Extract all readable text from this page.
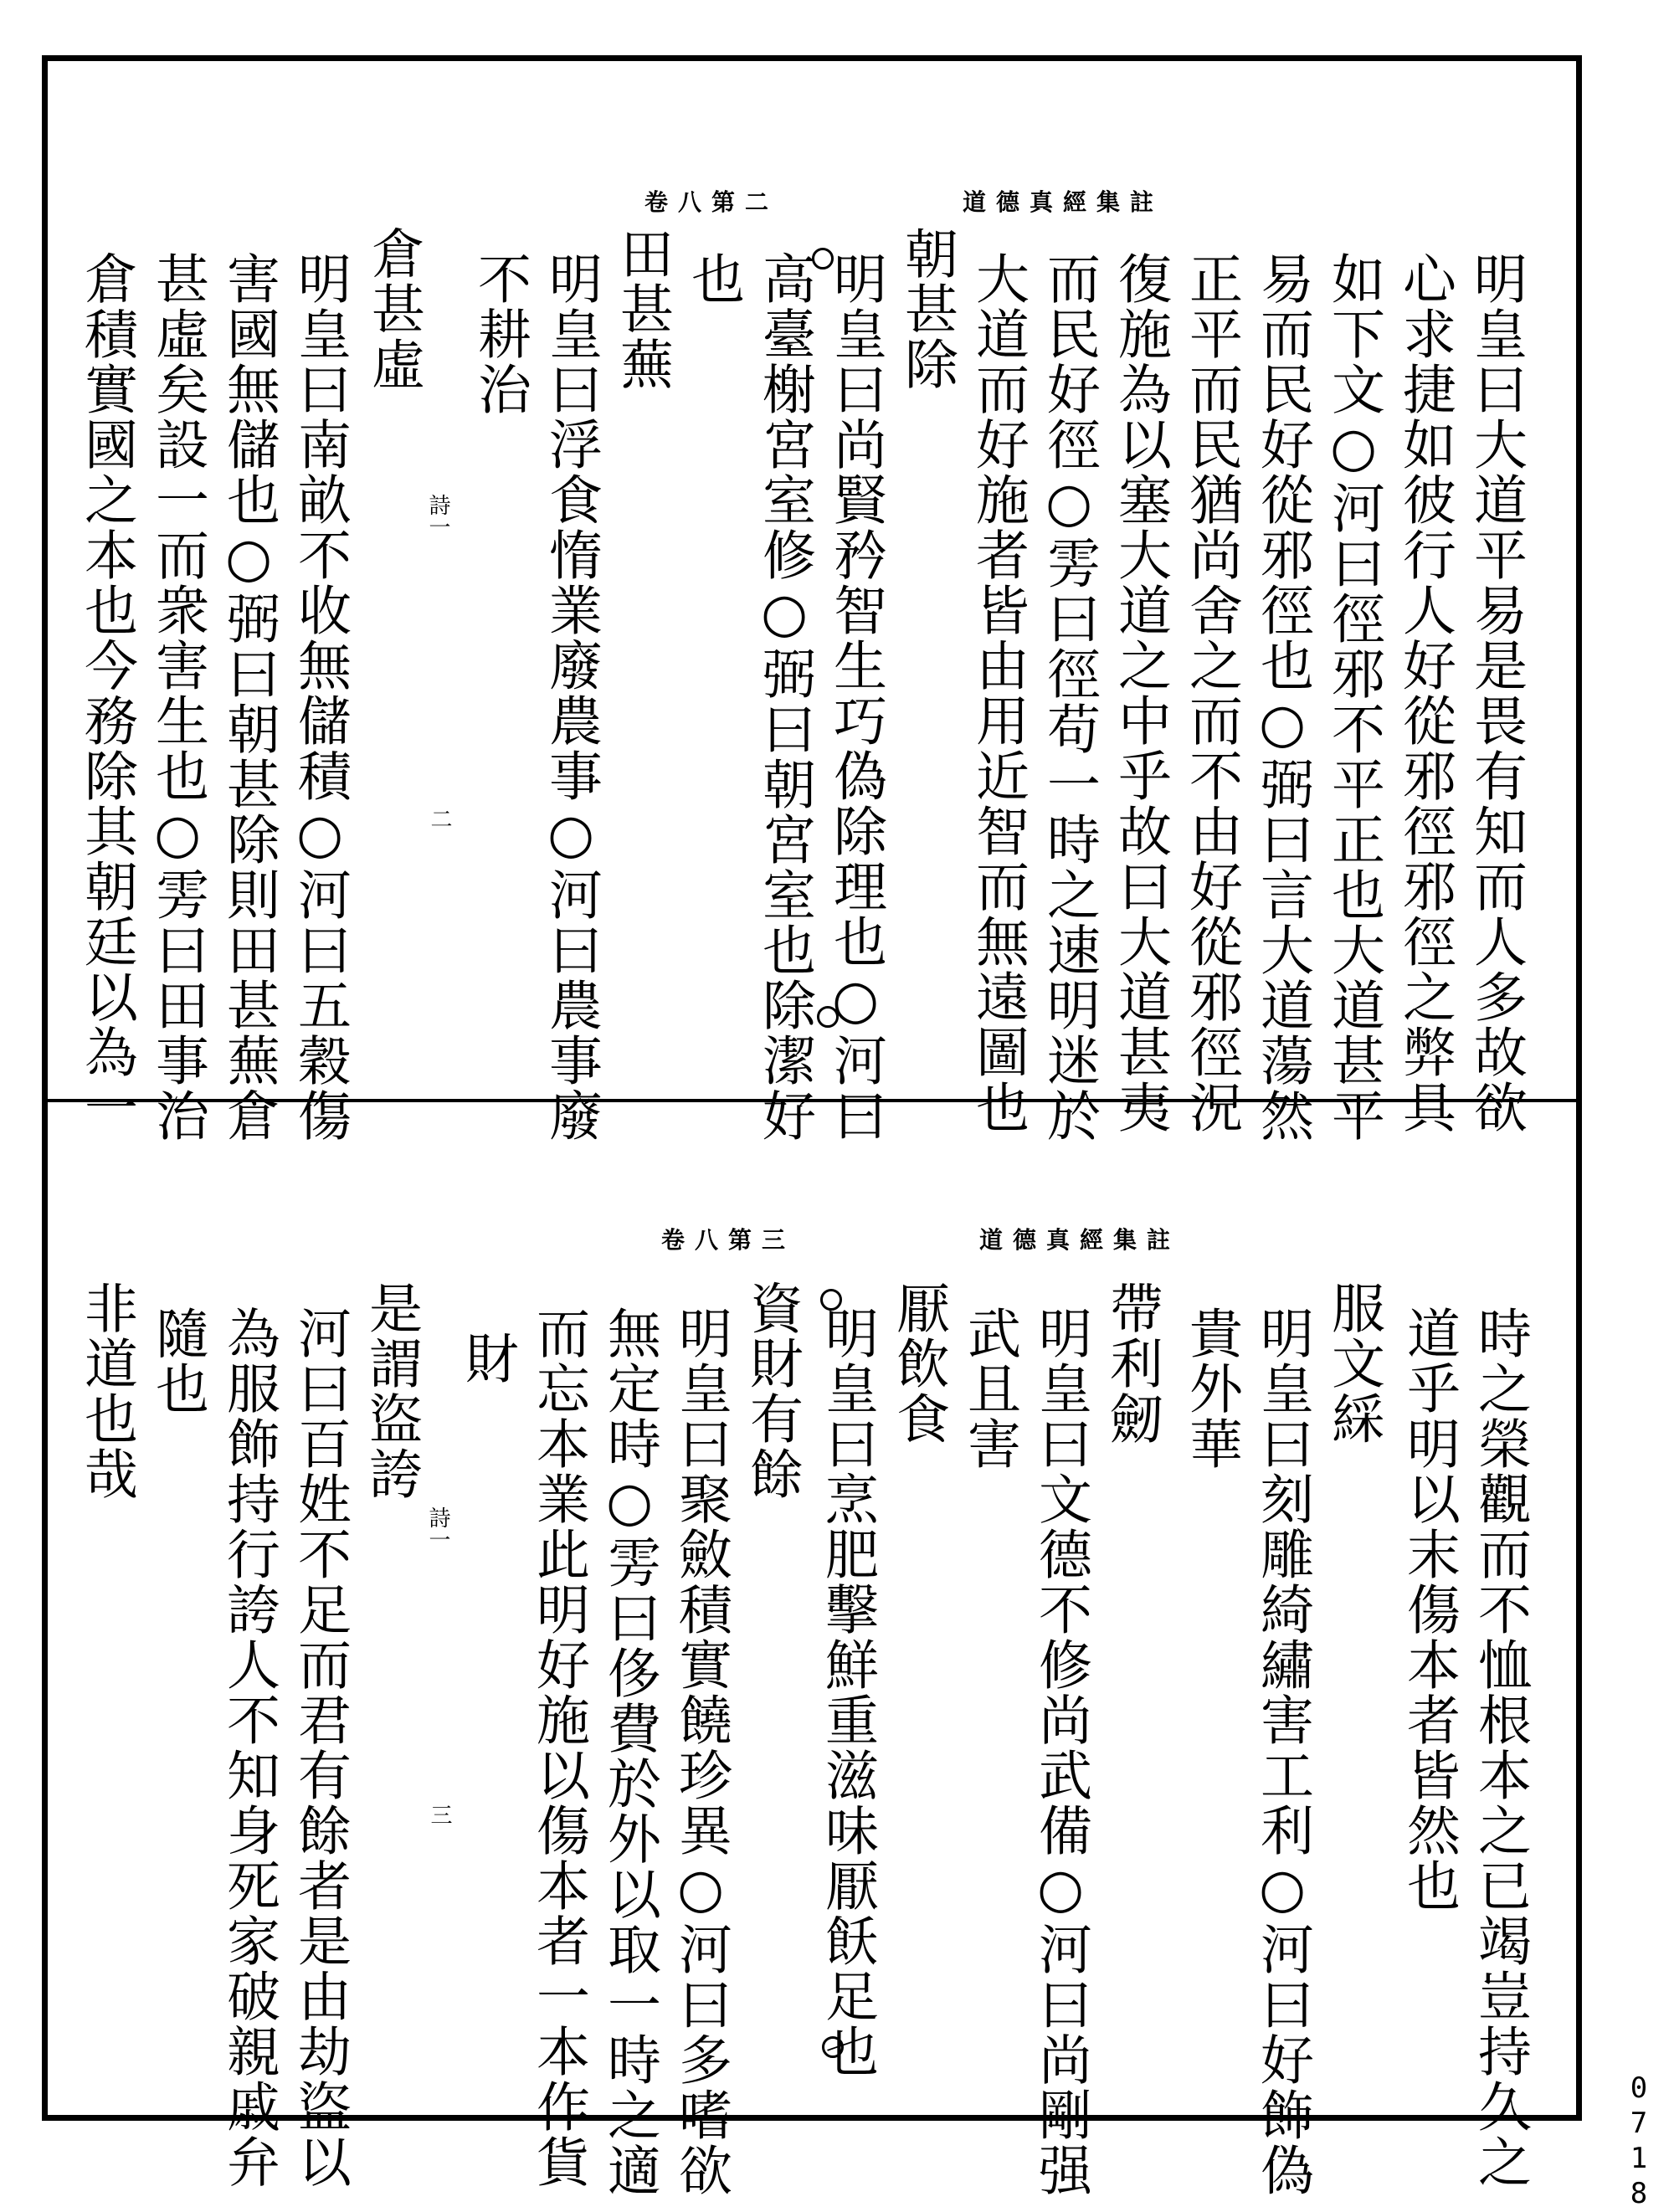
卷八第二	道德真經集註
明皇曰大道平易是畏有知而人多故欲
心求捷如彼行人好從邪徑邪徑之弊具
如下文○河曰徑邪不平正也大道甚平
易而民好從邪徑也○弼曰言大道蕩然
正平而民猶尚舍之而不由好從邪徑況
復施為以塞大道之中乎故曰大道甚夷
而民好徑○雱曰徑苟一時之速明迷於
大道而好施者皆由用近智而無遠圖也
朝甚除
明皇曰尚賢矜智生巧偽除理也○河曰
高臺榭宮室修○弼曰朝宮室也除潔好
也
田甚蕪
明皇曰浮食惰業廢農事○河曰農事廢
不耕治
倉甚虛
明皇曰南畝不收無儲積○河曰五穀傷
害國無儲也○弼曰朝甚除則田甚蕪倉
甚虛矣設一而衆害生也○雱曰田事治
倉積實國之本也今務除其朝廷以為一	詩一
二
卷八第三	道德真經集註
時之榮觀而不恤根本之已竭豈持久之
道乎明以末傷本者皆然也
服文綵
明皇曰刻雕綺繡害工利○河曰好飾偽
貴外華
帶利劒
明皇曰文德不修尚武備○河曰尚剛强
武且害
厭飲食
明皇曰烹肥擊鮮重滋味厭飫足也
資財有餘
明皇曰聚斂積實饒珍異○河曰多嗜欲
無定時○雱曰侈費於外以取一時之適
而忘本業此明好施以傷本者一本作貨
財
是謂盜誇
河曰百姓不足而君有餘者是由劫盜以
為服飾持行誇人不知身死家破親戚弁
隨也
非道也哉
詩一
三
0718
